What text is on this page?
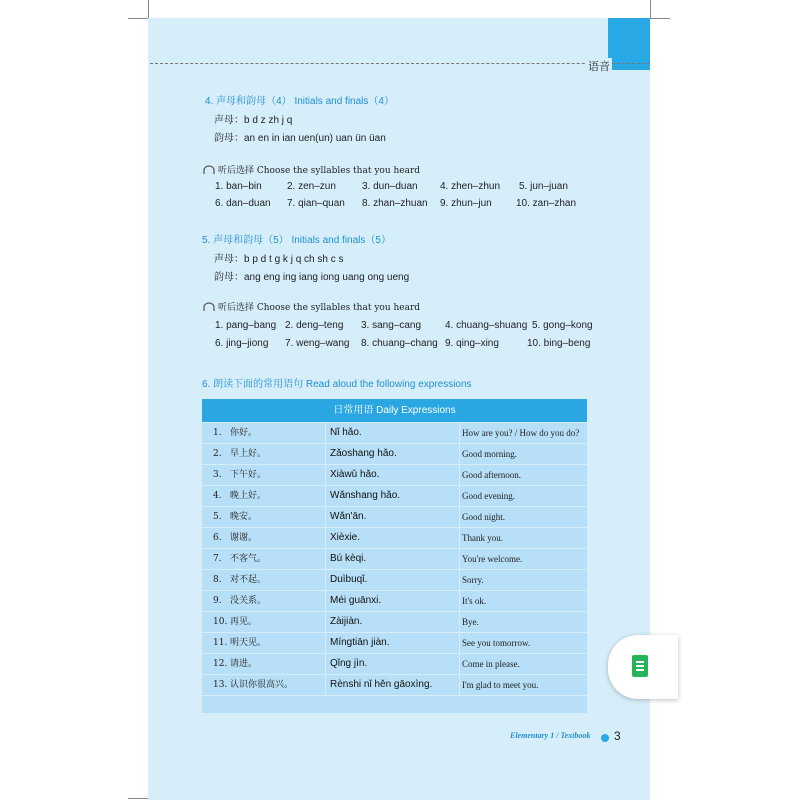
语音
4. 声母和韵母（4） Initials and finals（4）
声母：b d z zh j q
韵母：an en in ian uen(un) uan ün üan
听后选择 Choose the syllables that you heard
1. ban–bin	2. zen–zun	3. dun–duan 4. zhen–zhun 5. jun–juan
6. dan–duan 7. qian–quan 8. zhan–zhuan 9. zhun–jun 10. zan–zhan
5. 声母和韵母（5） Initials and finals（5）
声母：b p d t g k j q ch sh c s
韵母：ang eng ing iang iong uang ong ueng
听后选择 Choose the syllables that you heard
1. pang–bang 2. deng–teng 3. sang–cang 4. chuang–shuang 5. gong–kong
6. jing–jiong 7. weng–wang 8. chuang–chang 9. qing–xing	10. bing–beng
6. 朗读下面的常用语句 Read aloud the following expressions
日常用语 Daily Expressions
1. 你好。	Nǐ hǎo.	How are you? / How do you do?
2. 早上好。	Zǎoshang hǎo.	Good morning.
3. 下午好。	Xiàwǔ hǎo.	Good afternoon.
4. 晚上好。	Wǎnshang hǎo.	Good evening.
5. 晚安。	Wǎn'ān.	Good night.
6. 谢谢。	Xièxie.	Thank you.
7. 不客气。	Bú kèqi.	You're welcome.
8. 对不起。	Duìbuqǐ.	Sorry.
9. 没关系。	Méi guānxi.	It's ok.
10. 再见。	Zàijiàn.	Bye.
11. 明天见。	Míngtiān jiàn.	See you tomorrow.
12. 请进。	Qǐng jìn.	Come in please.
13. 认识你很高兴。	Rènshi nǐ hěn gāoxìng.	I'm glad to meet you.
Elementary 1 / Textbook 3
